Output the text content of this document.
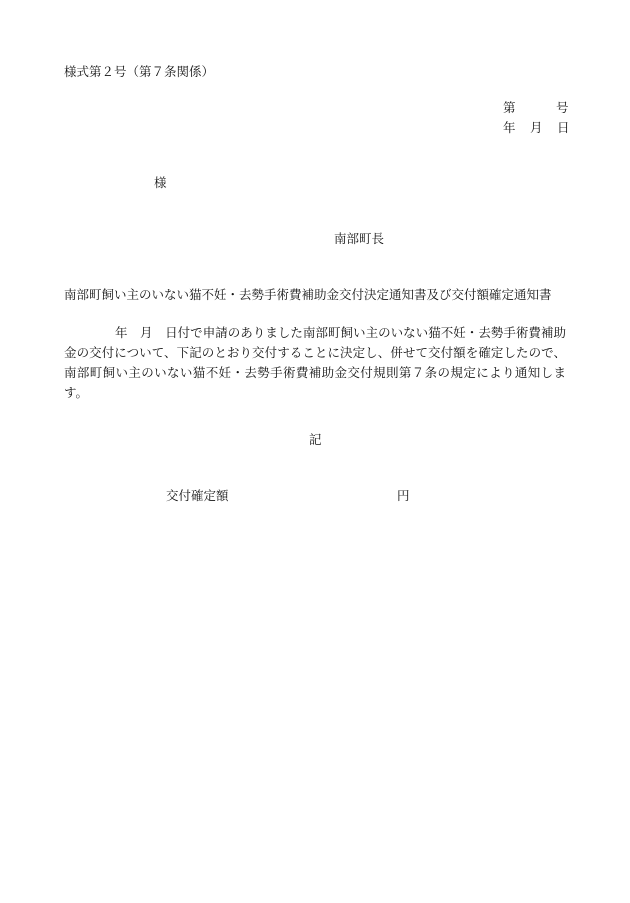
様式第２号（第７条関係）
第	号
年 月 日
様
南部町長
南部町飼い主のいない猫不妊・去勢手術費補助金交付決定通知書及び交付額確定通知書
年　月　日付で申請のありました南部町飼い主のいない猫不妊・去勢手術費補助金の交付について、下記のとおり交付することに決定し、併せて交付額を確定したので、南部町飼い主のいない猫不妊・去勢手術費補助金交付規則第７条の規定により通知します。
記
交付確定額	円
